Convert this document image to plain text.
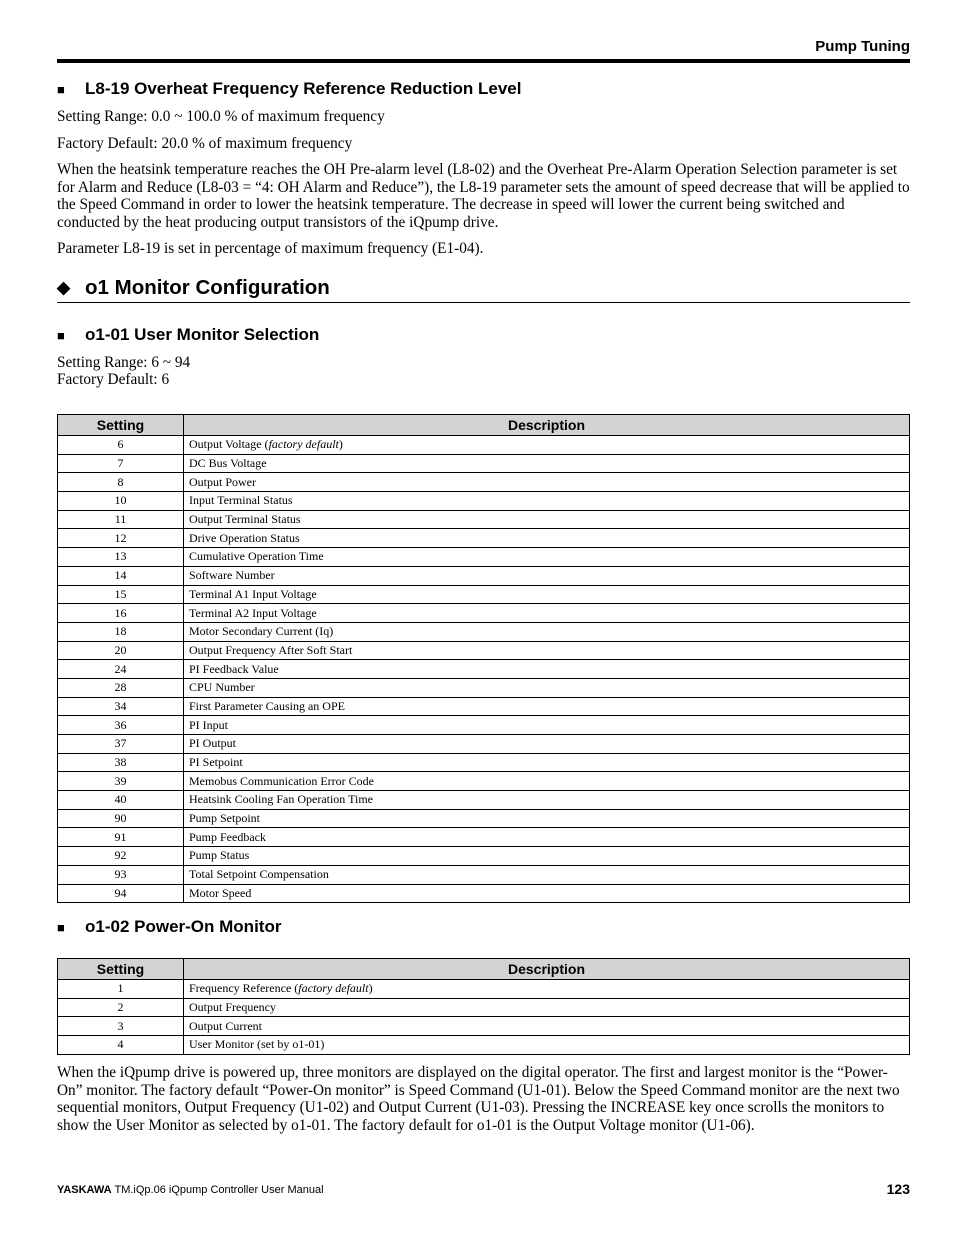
Pump Tuning
■ L8-19 Overheat Frequency Reference Reduction Level
Setting Range: 0.0 ~ 100.0 % of maximum frequency
Factory Default: 20.0 % of maximum frequency
When the heatsink temperature reaches the OH Pre-alarm level (L8-02) and the Overheat Pre-Alarm Operation Selection parameter is set for Alarm and Reduce (L8-03 = “4: OH Alarm and Reduce”), the L8-19 parameter sets the amount of speed decrease that will be applied to the Speed Command in order to lower the heatsink temperature. The decrease in speed will lower the current being switched and conducted by the heat producing output transistors of the iQpump drive.
Parameter L8-19 is set in percentage of maximum frequency (E1-04).
◆ o1 Monitor Configuration
■ o1-01 User Monitor Selection
Setting Range: 6 ~ 94
Factory Default: 6
Setting	Description
6	Output Voltage (factory default)
7	DC Bus Voltage
8	Output Power
10	Input Terminal Status
11	Output Terminal Status
12	Drive Operation Status
13	Cumulative Operation Time
14	Software Number
15	Terminal A1 Input Voltage
16	Terminal A2 Input Voltage
18	Motor Secondary Current (Iq)
20	Output Frequency After Soft Start
24	PI Feedback Value
28	CPU Number
34	First Parameter Causing an OPE
36	PI Input
37	PI Output
38	PI Setpoint
39	Memobus Communication Error Code
40	Heatsink Cooling Fan Operation Time
90	Pump Setpoint
91	Pump Feedback
92	Pump Status
93	Total Setpoint Compensation
94	Motor Speed
■ o1-02 Power-On Monitor
Setting	Description
1	Frequency Reference (factory default)
2	Output Frequency
3	Output Current
4	User Monitor (set by o1-01)
When the iQpump drive is powered up, three monitors are displayed on the digital operator. The first and largest monitor is the “Power-On” monitor. The factory default “Power-On monitor” is Speed Command (U1-01). Below the Speed Command monitor are the next two sequential monitors, Output Frequency (U1-02) and Output Current (U1-03). Pressing the INCREASE key once scrolls the monitors to show the User Monitor as selected by o1-01. The factory default for o1-01 is the Output Voltage monitor (U1-06).
YASKAWA TM.iQp.06 iQpump Controller User Manual	123
